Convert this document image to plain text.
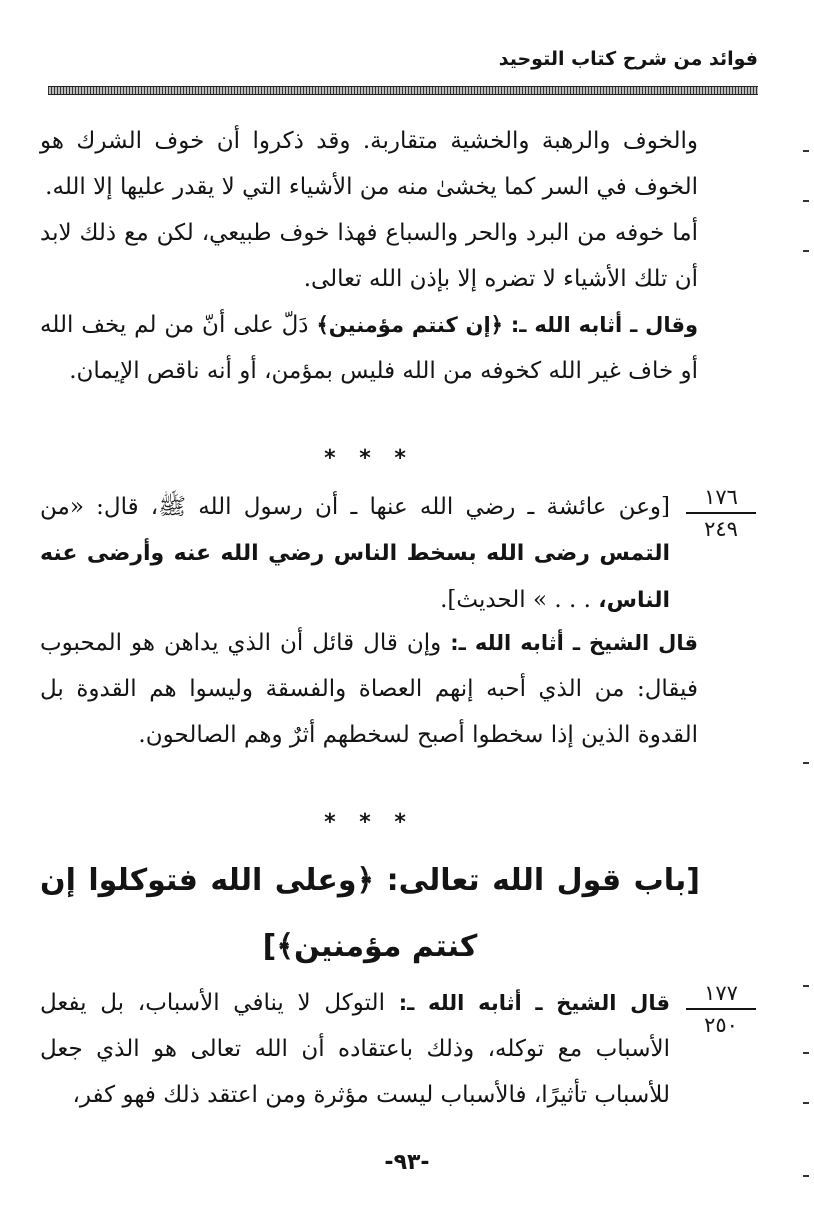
فوائد من شرح كتاب التوحيد
والخوف والرهبة والخشية متقاربة. وقد ذكروا أن خوف الشرك هو الخوف في السر كما يخشىٰ منه من الأشياء التي لا يقدر عليها إلا الله.
أما خوفه من البرد والحر والسباع فهذا خوف طبيعي، لكن مع ذلك لابد أن تلك الأشياء لا تضره إلا بإذن الله تعالى.
وقال ـ أثابه الله ـ: ﴿إن كنتم مؤمنين﴾ دَلّ على أنّ من لم يخف الله أو خاف غير الله كخوفه من الله فليس بمؤمن، أو أنه ناقص الإيمان.
* * *
١٧٦
٢٤٩
[وعن عائشة ـ رضي الله عنها ـ أن رسول الله ﷺ، قال: «من التمس رضى الله بسخط الناس رضي الله عنه وأرضى عنه الناس، . . . » الحديث].
قال الشيخ ـ أثابه الله ـ: وإن قال قائل أن الذي يداهن هو المحبوب فيقال: من الذي أحبه إنهم العصاة والفسقة وليسوا هم القدوة بل القدوة الذين إذا سخطوا أصبح لسخطهم أثرٌ وهم الصالحون.
* * *
[باب قول الله تعالى: ﴿وعلى الله فتوكلوا إن كنتم مؤمنين﴾]
١٧٧
٢٥٠
قال الشيخ ـ أثابه الله ـ: التوكل لا ينافي الأسباب، بل يفعل الأسباب مع توكله، وذلك باعتقاده أن الله تعالى هو الذي جعل للأسباب تأثيرًا، فالأسباب ليست مؤثرة ومن اعتقد ذلك فهو كفر،
-٩٣-
